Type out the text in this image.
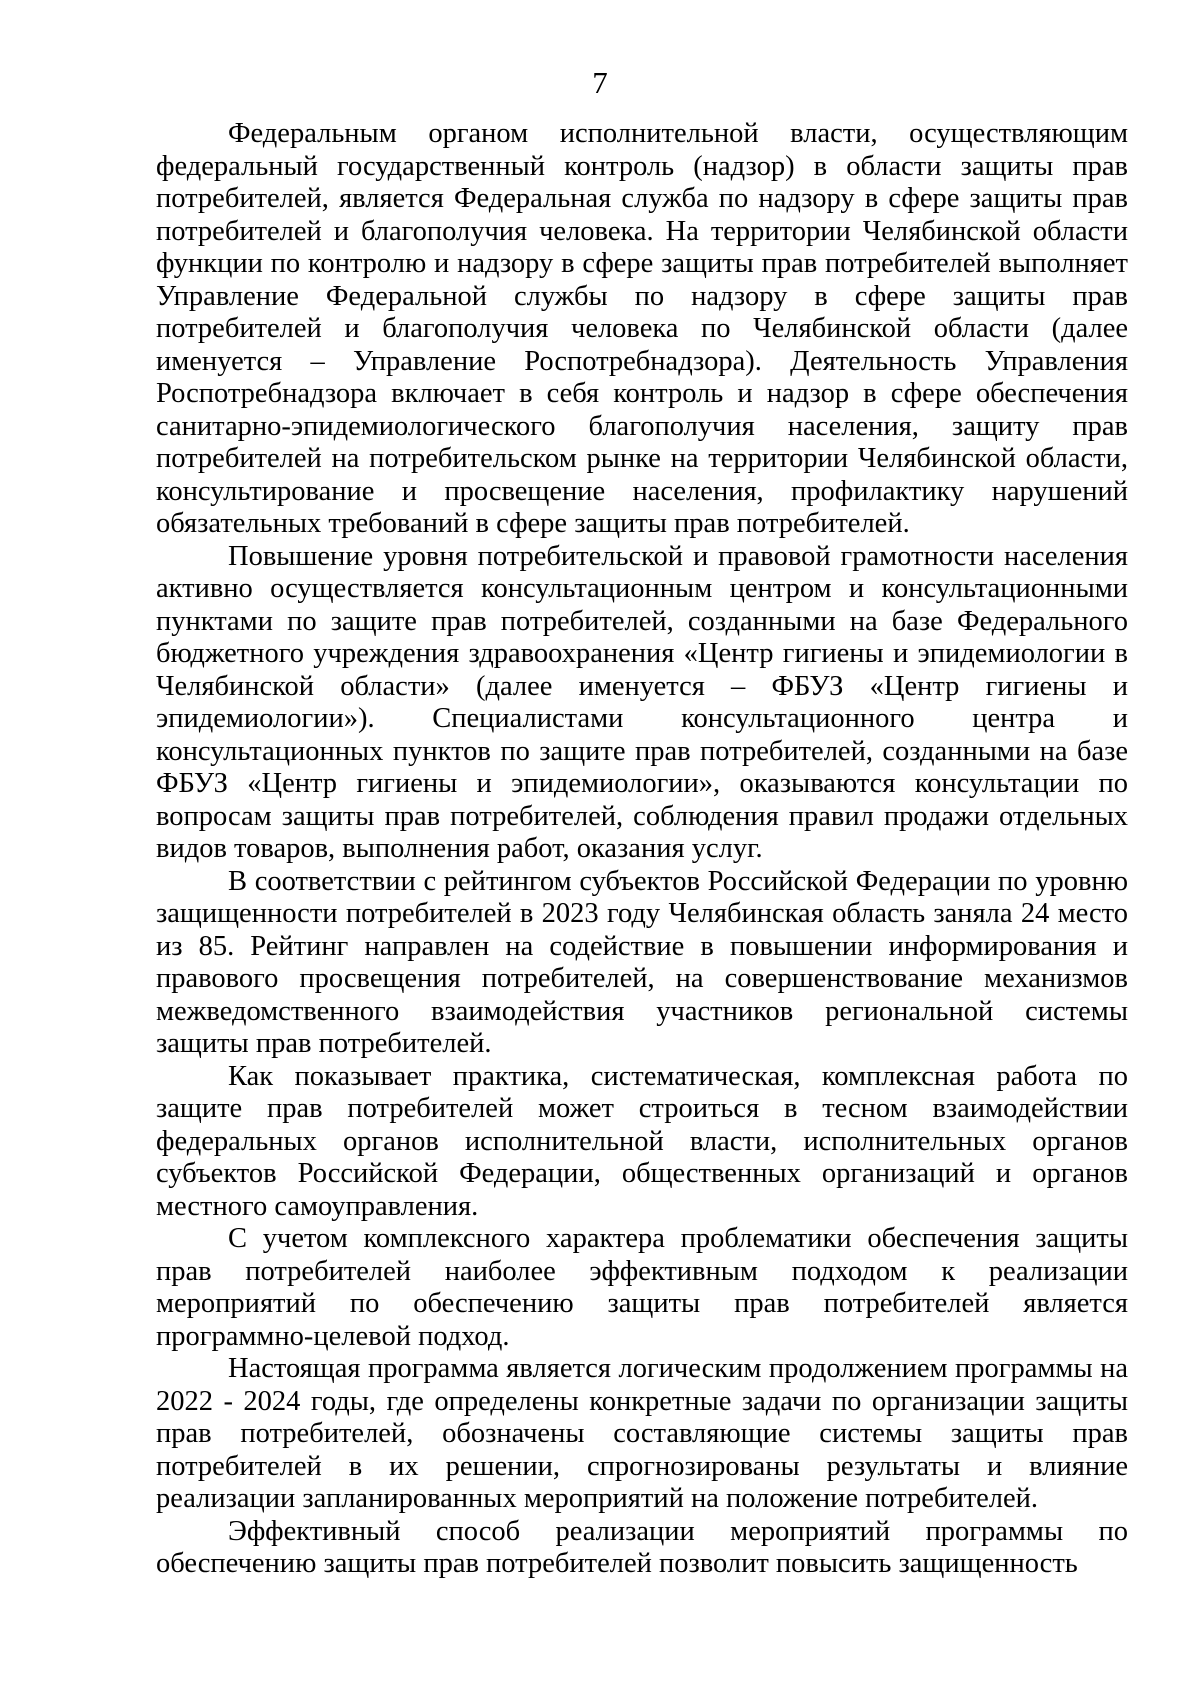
7

Федеральным органом исполнительной власти, осуществляющим федеральный государственный контроль (надзор) в области защиты прав потребителей, является Федеральная служба по надзору в сфере защиты прав потребителей и благополучия человека. На территории Челябинской области функции по контролю и надзору в сфере защиты прав потребителей выполняет Управление Федеральной службы по надзору в сфере защиты прав потребителей и благополучия человека по Челябинской области (далее именуется – Управление Роспотребнадзора). Деятельность Управления Роспотребнадзора включает в себя контроль и надзор в сфере обеспечения санитарно-эпидемиологического благополучия населения, защиту прав потребителей на потребительском рынке на территории Челябинской области, консультирование и просвещение населения, профилактику нарушений обязательных требований в сфере защиты прав потребителей.

Повышение уровня потребительской и правовой грамотности населения активно осуществляется консультационным центром и консультационными пунктами по защите прав потребителей, созданными на базе Федерального бюджетного учреждения здравоохранения «Центр гигиены и эпидемиологии в Челябинской области» (далее именуется – ФБУЗ «Центр гигиены и эпидемиологии»). Специалистами консультационного центра и консультационных пунктов по защите прав потребителей, созданными на базе ФБУЗ «Центр гигиены и эпидемиологии», оказываются консультации по вопросам защиты прав потребителей, соблюдения правил продажи отдельных видов товаров, выполнения работ, оказания услуг.

В соответствии с рейтингом субъектов Российской Федерации по уровню защищенности потребителей в 2023 году Челябинская область заняла 24 место из 85. Рейтинг направлен на содействие в повышении информирования и правового просвещения потребителей, на совершенствование механизмов межведомственного взаимодействия участников региональной системы защиты прав потребителей.

Как показывает практика, систематическая, комплексная работа по защите прав потребителей может строиться в тесном взаимодействии федеральных органов исполнительной власти, исполнительных органов субъектов Российской Федерации, общественных организаций и органов местного самоуправления.

С учетом комплексного характера проблематики обеспечения защиты прав потребителей наиболее эффективным подходом к реализации мероприятий по обеспечению защиты прав потребителей является программно-целевой подход.

Настоящая программа является логическим продолжением программы на 2022 - 2024 годы, где определены конкретные задачи по организации защиты прав потребителей, обозначены составляющие системы защиты прав потребителей в их решении, спрогнозированы результаты и влияние реализации запланированных мероприятий на положение потребителей.

Эффективный способ реализации мероприятий программы по обеспечению защиты прав потребителей позволит повысить защищенность
